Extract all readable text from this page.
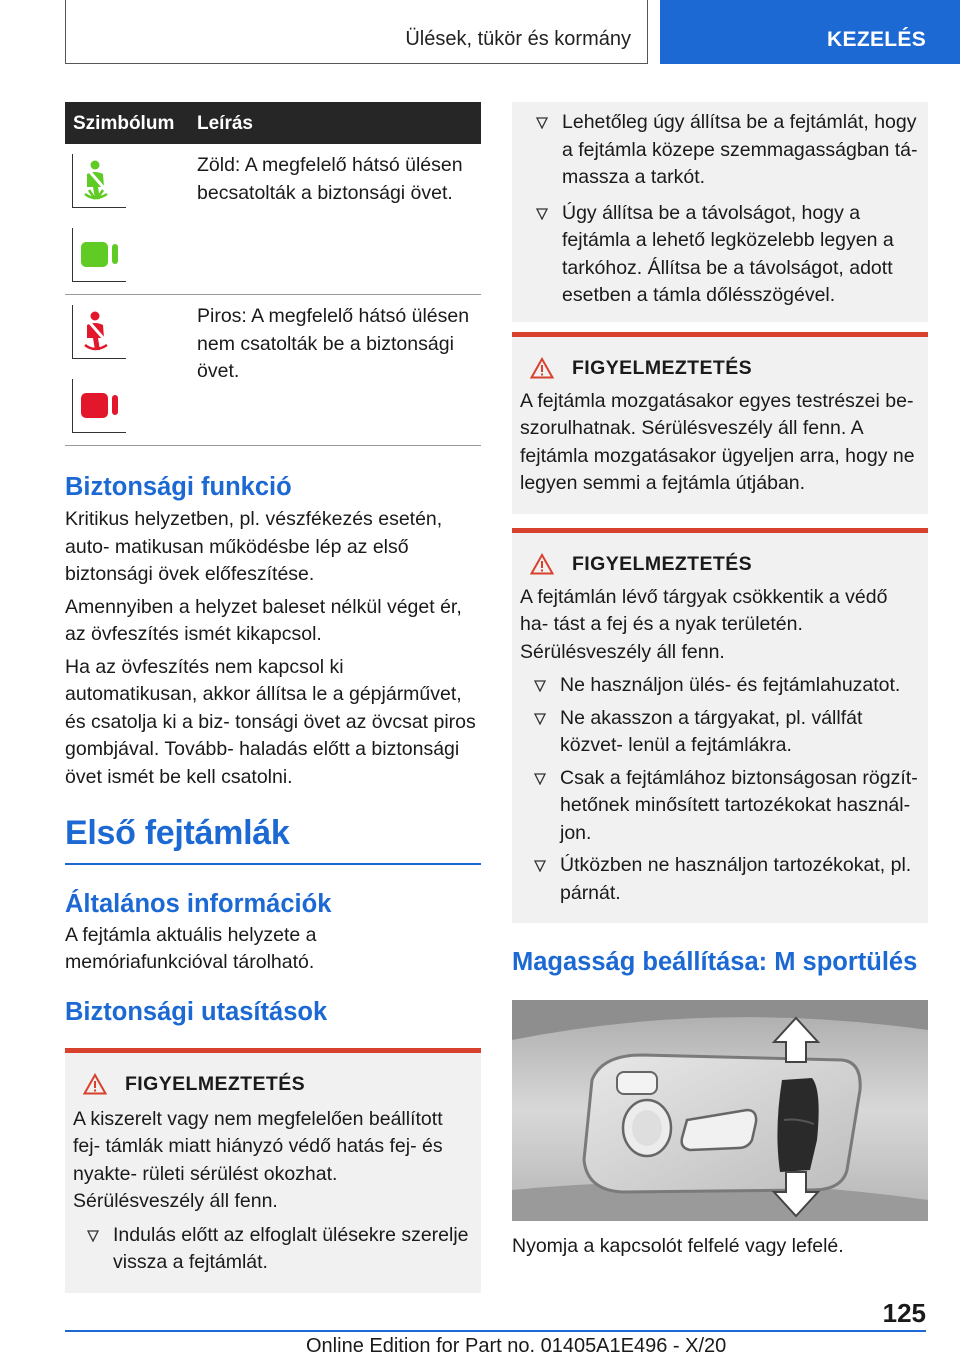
Ülések, tükör és kormány	KEZELÉS
Szimbólum Leírás
Zöld: A megfelelő hátsó ülésen becsatolták a biztonsági övet.
Piros: A megfelelő hátsó ülésen nem csatolták be a biztonsági övet.
Biztonsági funkció

Kritikus helyzetben, pl. vészfékezés esetén, auto‐ matikusan működésbe lép az első biztonsági övek előfeszítése.

Amennyiben a helyzet baleset nélkül véget ér, az övfeszítés ismét kikapcsol.

Ha az övfeszítés nem kapcsol ki automatikusan, akkor állítsa le a gépjárművet, és csatolja ki a biz‐ tonsági övet az övcsat piros gombjával. Tovább‐ haladás előtt a biztonsági övet ismét be kell csatolni.

Első fejtámlák
Általános információk

A fejtámla aktuális helyzete a memóriafunkcióval tárolható.

Biztonsági utasítások
FIGYELMEZTETÉS

A kiszerelt vagy nem megfelelően beállított fej‐ támlák miatt hiányzó védő hatás fej- és nyakte‐ rületi sérülést okozhat. Sérülésveszély áll fenn.

Indulás előtt az elfoglalt ülésekre szerelje vissza a fejtámlát.
Lehetőleg úgy állítsa be a fejtámlát, hogy a fejtámla közepe szemmagasságban tá‐ massza a tarkót.
Úgy állítsa be a távolságot, hogy a fejtámla a lehető legközelebb legyen a tarkóhoz. Állítsa be a távolságot, adott esetben a támla dőlésszögével.
FIGYELMEZTETÉS

A fejtámla mozgatásakor egyes testrészei be‐ szorulhatnak. Sérülésveszély áll fenn. A fejtámla mozgatásakor ügyeljen arra, hogy ne legyen semmi a fejtámla útjában.

FIGYELMEZTETÉS

A fejtámlán lévő tárgyak csökkentik a védő ha‐ tást a fej és a nyak területén. Sérülésveszély áll fenn.

Ne használjon ülés- és fejtámlahuzatot.
Ne akasszon a tárgyakat, pl. vállfát közvet‐ lenül a fejtámlákra.
Csak a fejtámlához biztonságosan rögzít‐ hetőnek minősített tartozékokat használ‐ jon.
Útközben ne használjon tartozékokat, pl. párnát.
Magasság beállítása: M sportülés

Nyomja a kapcsolót felfelé vagy lefelé.

125
Online Edition for Part no. 01405A1E496 - X/20
